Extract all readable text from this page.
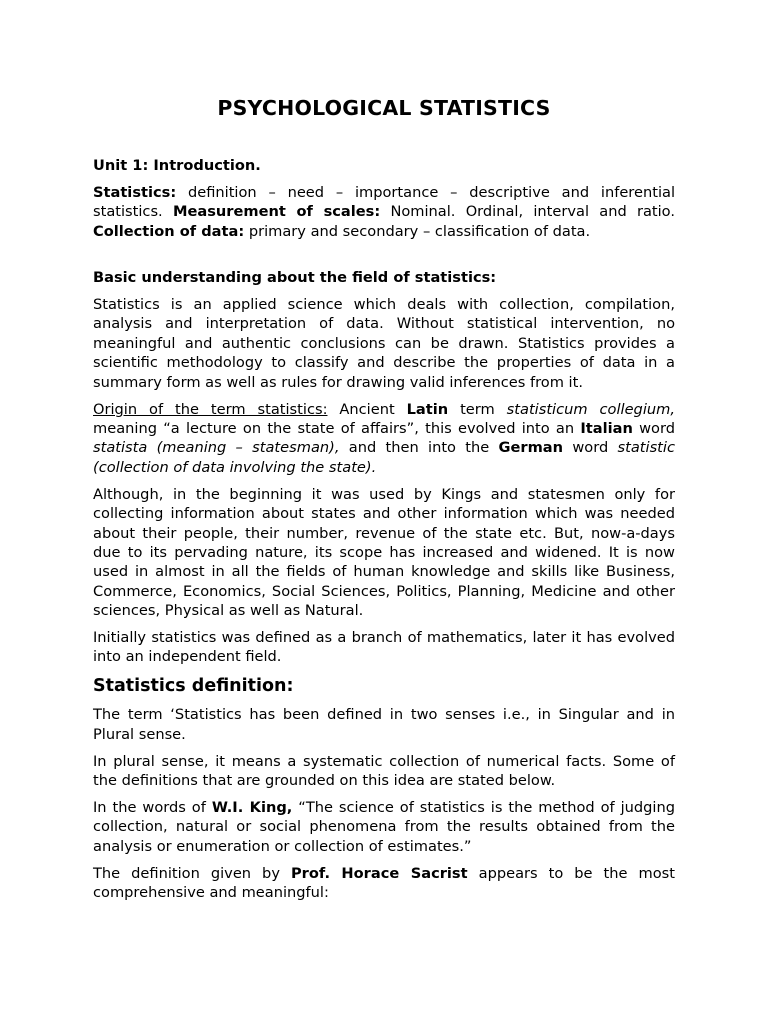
PSYCHOLOGICAL STATISTICS

Unit 1: Introduction.

Statistics: definition – need – importance – descriptive and inferential statistics. Measurement of scales: Nominal. Ordinal, interval and ratio. Collection of data: primary and secondary – classification of data.

Basic understanding about the field of statistics:

Statistics is an applied science which deals with collection, compilation, analysis and interpretation of data. Without statistical intervention, no meaningful and authentic conclusions can be drawn. Statistics provides a scientific methodology to classify and describe the properties of data in a summary form as well as rules for drawing valid inferences from it.

Origin of the term statistics: Ancient Latin term statisticum collegium, meaning “a lecture on the state of affairs”, this evolved into an Italian word statista (meaning – statesman), and then into the German word statistic (collection of data involving the state).

Although, in the beginning it was used by Kings and statesmen only for collecting information about states and other information which was needed about their people, their number, revenue of the state etc. But, now-a-days due to its pervading nature, its scope has increased and widened. It is now used in almost in all the fields of human knowledge and skills like Business, Commerce, Economics, Social Sciences, Politics, Planning, Medicine and other sciences, Physical as well as Natural.

Initially statistics was defined as a branch of mathematics, later it has evolved into an independent field.

Statistics definition:

The term ‘Statistics has been defined in two senses i.e., in Singular and in Plural sense.

In plural sense, it means a systematic collection of numerical facts. Some of the definitions that are grounded on this idea are stated below.

In the words of W.I. King, “The science of statistics is the method of judging collection, natural or social phenomena from the results obtained from the analysis or enumeration or collection of estimates.”

The definition given by Prof. Horace Sacrist appears to be the most comprehensive and meaningful:
